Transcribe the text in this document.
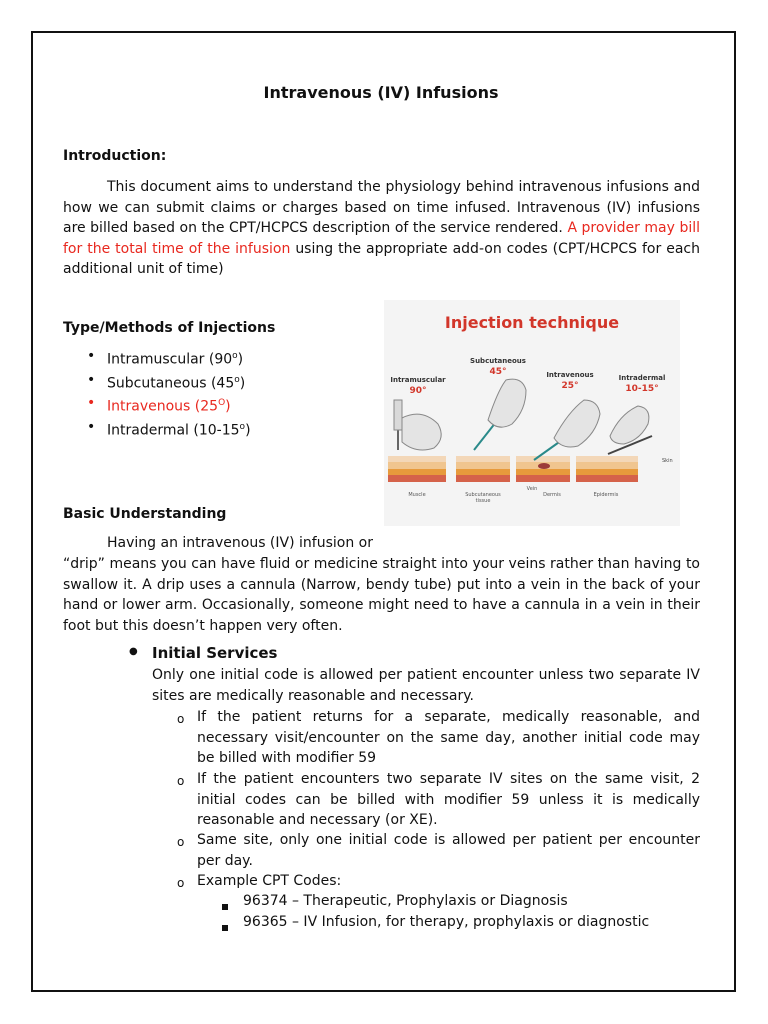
Intravenous (IV) Infusions
Introduction:
This document aims to understand the physiology behind intravenous infusions and how we can submit claims or charges based on time infused. Intravenous (IV) infusions are billed based on the CPT/HCPCS description of the service rendered. A provider may bill for the total time of the infusion using the appropriate add-on codes (CPT/HCPCS for each additional unit of time)
Type/Methods of Injections
• Intramuscular (90$^o$)
• Subcutaneous (45$^o$)
• Intravenous $(25^O)$
• Intradermal (10-15$^o$)
Injection technique
Intramuscular
90°
Subcutaneous
45°	Intravenous
25°
Intradermal
10-15°
Skin
Muscle	Subcutaneous
tissue
Vein
Dermis	Epidermis
Basic Understanding
Having an intravenous (IV) infusion or
“drip” means you can have fluid or medicine straight into your veins rather than having to swallow it. A drip uses a cannula (Narrow, bendy tube) put into a vein in the back of your hand or lower arm. Occasionally, someone might need to have a cannula in a vein in their foot but this doesn’t happen very often.
● Initial Services
Only one initial code is allowed per patient encounter unless two separate IV sites are medically reasonable and necessary.
o If the patient returns for a separate, medically reasonable, and necessary visit/encounter on the same day, another initial code may be billed with modifier 59
o If the patient encounters two separate IV sites on the same visit, 2 initial codes can be billed with modifier 59 unless it is medically reasonable and necessary (or XE).
o Same site, only one initial code is allowed per patient per encounter per day.
o Example CPT Codes:
96374 – Therapeutic, Prophylaxis or Diagnosis
96365 – IV Infusion, for therapy, prophylaxis or diagnostic
